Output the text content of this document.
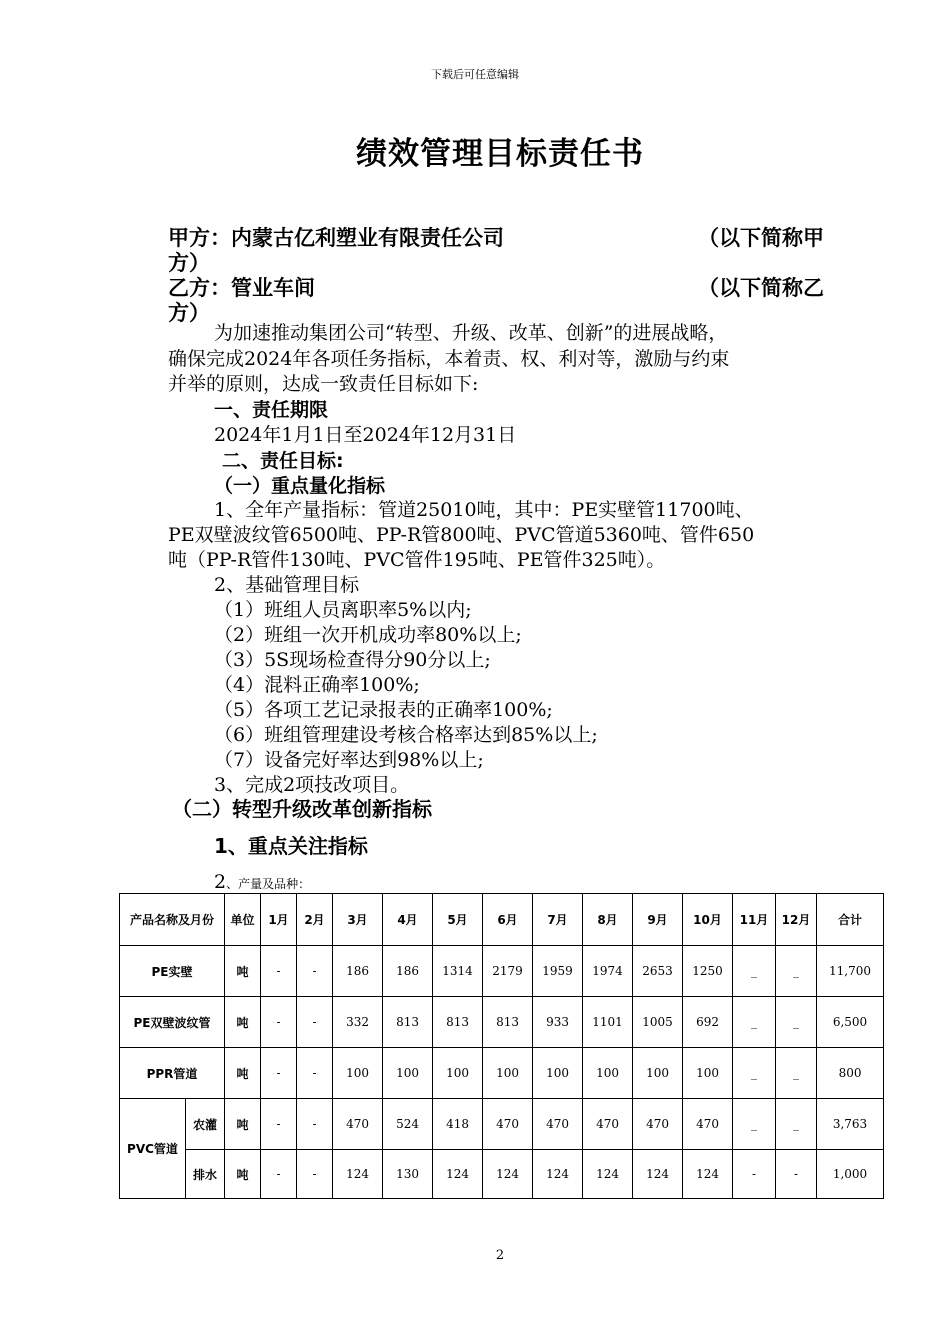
下载后可任意编辑
绩效管理目标责任书
甲方：内蒙古亿利塑业有限责任公司	（以下简称甲
方）
乙方：管业车间	（以下简称乙
方）
为加速推动集团公司“转型、升级、改革、创新”的进展战略，
确保完成2024年各项任务指标，本着责、权、利对等，激励与约束
并举的原则，达成一致责任目标如下:
一、责任期限
2024年1月1日至2024年12月31日
二、责任目标:
（一）重点量化指标
1、全年产量指标：管道25010吨，其中：PE实壁管11700吨、
PE双壁波纹管6500吨、PP-R管800吨、PVC管道5360吨、管件650
吨（PP-R管件130吨、PVC管件195吨、PE管件325吨）。
2、基础管理目标
（1）班组人员离职率5%以内;
（2）班组一次开机成功率80%以上;
（3）5S现场检查得分90分以上;
（4）混料正确率100%;
（5）各项工艺记录报表的正确率100%;
（6）班组管理建设考核合格率达到85%以上;
（7）设备完好率达到98%以上;
3、完成2项技改项目。
（二）转型升级改革创新指标
1、重点关注指标
2、产量及品种：
产品名称及月份		单位	1月	2月	3月	4月	5月	6月	7月	8月	9月	10月	11月	12月	合计
PE实壁		吨	-	-	186	186	1314	2179	1959	1974	2653	1250	_	_	11,700
PE双壁波纹管		吨	-	-	332	813	813	813	933	1101	1005	692	_	_	6,500
PPR管道		吨	-	-	100	100	100	100	100	100	100	100	_	_	800
PVC管道	农灌	吨	-	-	470	524	418	470	470	470	470	470	_	_	3,763
	排水	吨	-	-	124	130	124	124	124	124	124	124	-	-	1,000
2
